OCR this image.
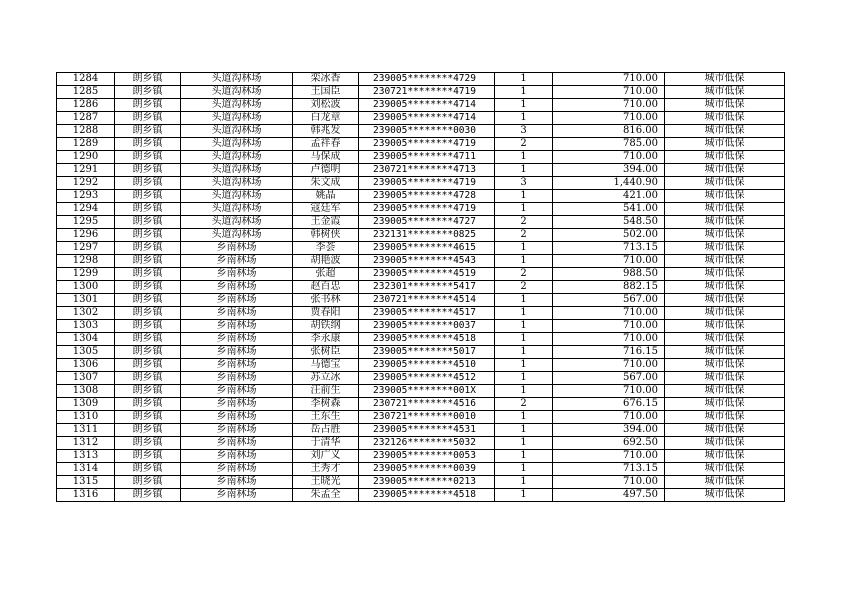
1284	朗乡镇	头道沟林场	栾冰香	239005********4729	1	710.00	城市低保
1285	朗乡镇	头道沟林场	王国臣	230721********4719	1	710.00	城市低保
1286	朗乡镇	头道沟林场	刘松波	239005********4714	1	710.00	城市低保
1287	朗乡镇	头道沟林场	白龙章	239005********4714	1	710.00	城市低保
1288	朗乡镇	头道沟林场	韩兆发	239005********0030	3	816.00	城市低保
1289	朗乡镇	头道沟林场	孟祥春	239005********4719	2	785.00	城市低保
1290	朗乡镇	头道沟林场	马保成	239005********4711	1	710.00	城市低保
1291	朗乡镇	头道沟林场	卢德明	230721********4713	1	394.00	城市低保
1292	朗乡镇	头道沟林场	朱文成	239005********4719	3	1,440.90	城市低保
1293	朗乡镇	头道沟林场	姚晶	239005********4728	1	421.00	城市低保
1294	朗乡镇	头道沟林场	寇廷军	239005********4719	1	541.00	城市低保
1295	朗乡镇	头道沟林场	王金霞	239005********4727	2	548.50	城市低保
1296	朗乡镇	头道沟林场	韩树侠	232131********0825	2	502.00	城市低保
1297	朗乡镇	乡南林场	李荟	239005********4615	1	713.15	城市低保
1298	朗乡镇	乡南林场	胡艳波	239005********4543	1	710.00	城市低保
1299	朗乡镇	乡南林场	张超	239005********4519	2	988.50	城市低保
1300	朗乡镇	乡南林场	赵百忠	232301********5417	2	882.15	城市低保
1301	朗乡镇	乡南林场	张书林	230721********4514	1	567.00	城市低保
1302	朗乡镇	乡南林场	贾春阳	239005********4517	1	710.00	城市低保
1303	朗乡镇	乡南林场	胡铁纲	239005********0037	1	710.00	城市低保
1304	朗乡镇	乡南林场	李永康	239005********4518	1	710.00	城市低保
1305	朗乡镇	乡南林场	张树臣	239005********5017	1	716.15	城市低保
1306	朗乡镇	乡南林场	马德宝	239005********4510	1	710.00	城市低保
1307	朗乡镇	乡南林场	苏立冰	239005********4512	1	567.00	城市低保
1308	朗乡镇	乡南林场	汪前生	239005********001X	1	710.00	城市低保
1309	朗乡镇	乡南林场	李树森	230721********4516	2	676.15	城市低保
1310	朗乡镇	乡南林场	王东生	230721********0010	1	710.00	城市低保
1311	朗乡镇	乡南林场	岳占胜	239005********4531	1	394.00	城市低保
1312	朗乡镇	乡南林场	于清华	232126********5032	1	692.50	城市低保
1313	朗乡镇	乡南林场	刘广义	239005********0053	1	710.00	城市低保
1314	朗乡镇	乡南林场	王秀才	239005********0039	1	713.15	城市低保
1315	朗乡镇	乡南林场	王晓光	239005********0213	1	710.00	城市低保
1316	朗乡镇	乡南林场	朱孟全	239005********4518	1	497.50	城市低保
